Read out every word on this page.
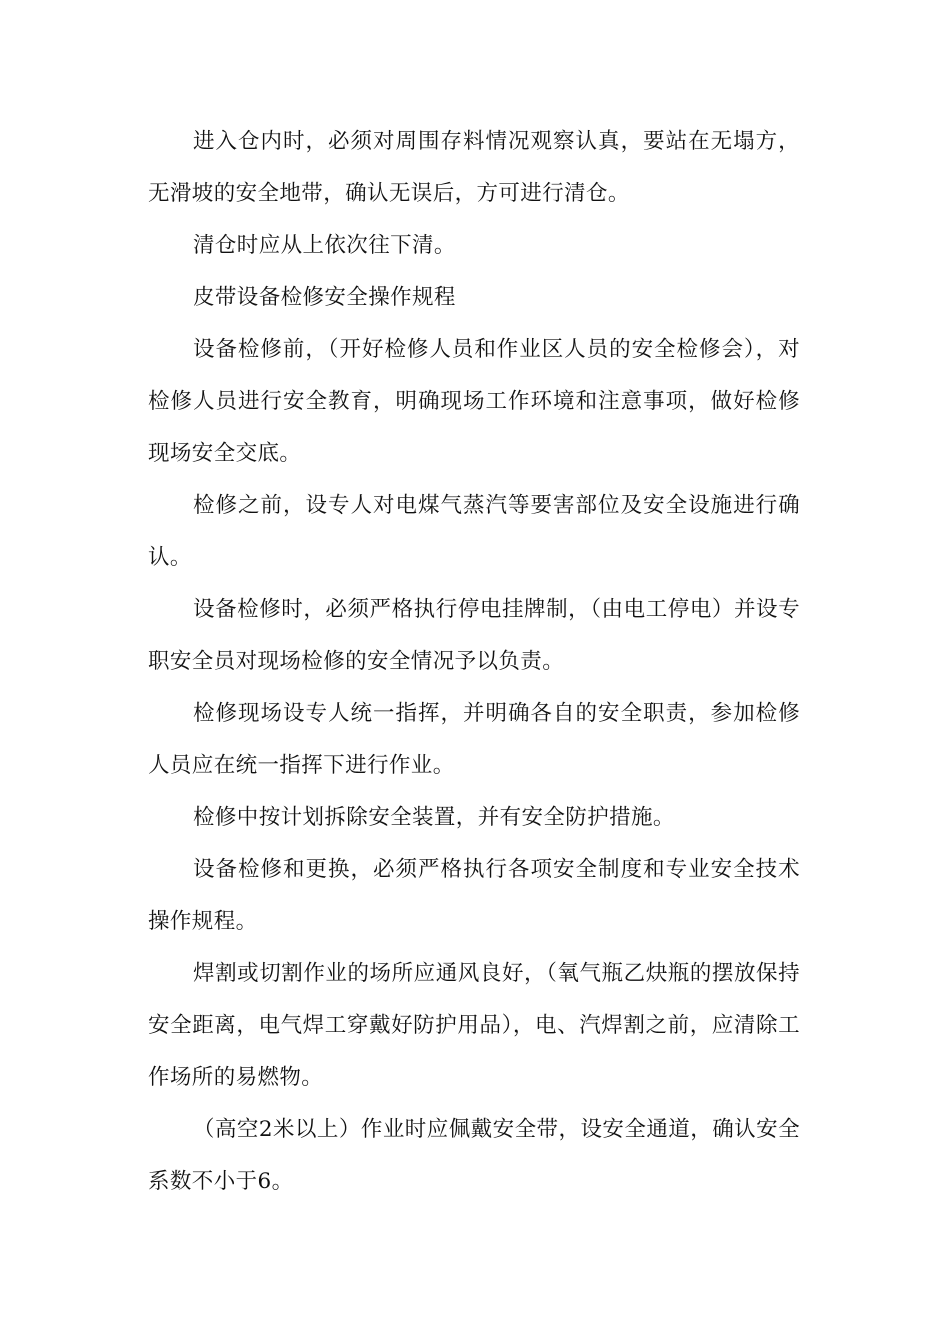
进入仓内时，必须对周围存料情况观察认真，要站在无塌方，无滑坡的安全地带，确认无误后，方可进行清仓。

清仓时应从上依次往下清。

皮带设备检修安全操作规程

设备检修前，（开好检修人员和作业区人员的安全检修会），对检修人员进行安全教育，明确现场工作环境和注意事项，做好检修现场安全交底。

检修之前，设专人对电煤气蒸汽等要害部位及安全设施进行确认。

设备检修时，必须严格执行停电挂牌制，（由电工停电）并设专职安全员对现场检修的安全情况予以负责。

检修现场设专人统一指挥，并明确各自的安全职责，参加检修人员应在统一指挥下进行作业。

检修中按计划拆除安全装置，并有安全防护措施。

设备检修和更换，必须严格执行各项安全制度和专业安全技术操作规程。

焊割或切割作业的场所应通风良好，（氧气瓶乙炔瓶的摆放保持安全距离，电气焊工穿戴好防护用品），电、汽焊割之前，应清除工作场所的易燃物。

（高空2米以上）作业时应佩戴安全带，设安全通道，确认安全系数不小于6。
